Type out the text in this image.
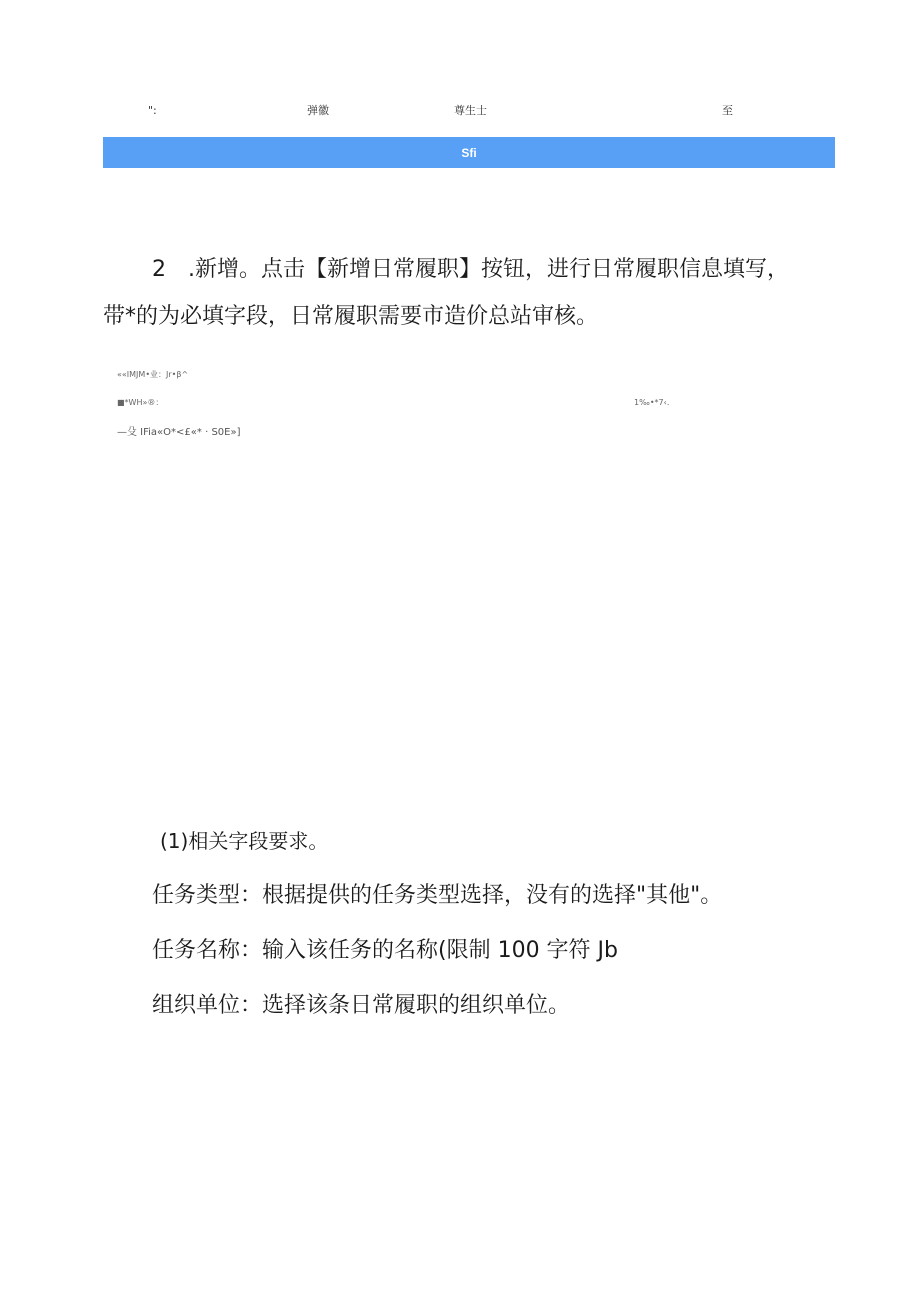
":	弹徽	尊生士	至
Sfi
2　.新增。点击【新增日常履职】按钮，进行日常履职信息填写，
带*的为必填字段，日常履职需要市造价总站审核。
««IMJM•业：Jr•β^
■*WH»®：	1‰•*7‹.
—殳 IFia«O*<£«* · S0E»]
(1)相关字段要求。
任务类型：根据提供的任务类型选择，没有的选择"其他"。
任务名称：输入该任务的名称(限制 100 字符 Jb
组织单位：选择该条日常履职的组织单位。
